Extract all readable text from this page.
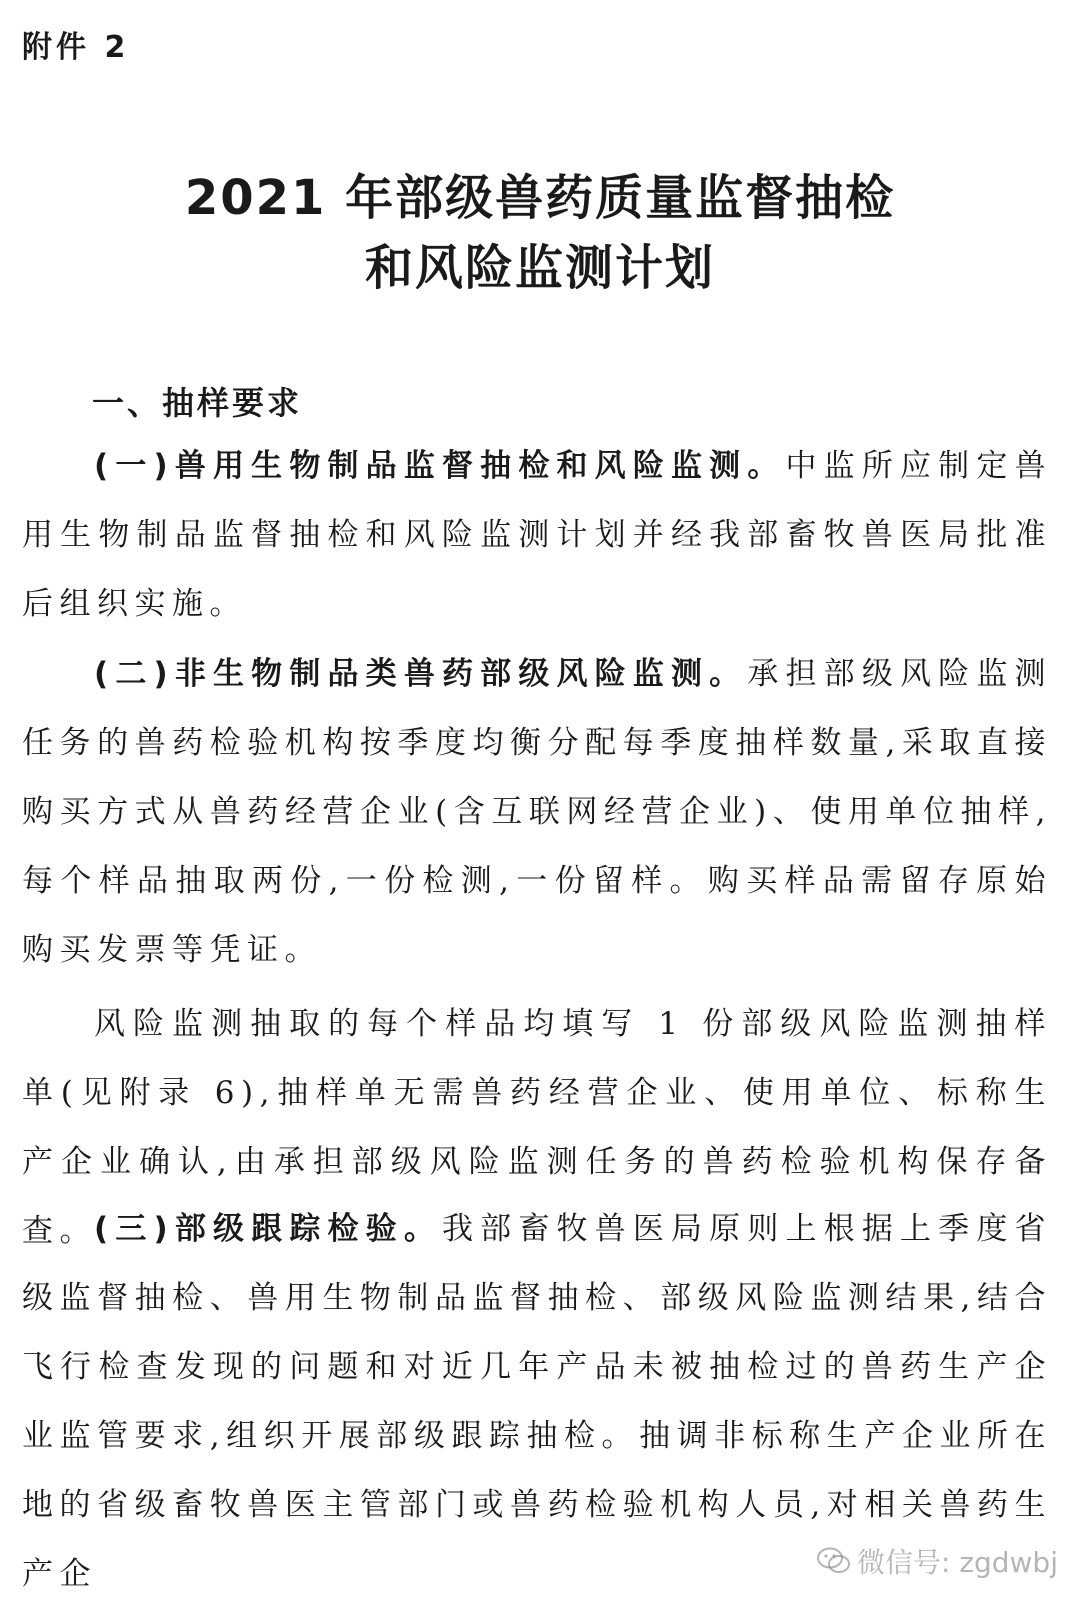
附件 2
2021 年部级兽药质量监督抽检
和风险监测计划
一、抽样要求
(一)兽用生物制品监督抽检和风险监测。中监所应制定兽用生物制品监督抽检和风险监测计划并经我部畜牧兽医局批准后组织实施。
(二)非生物制品类兽药部级风险监测。承担部级风险监测任务的兽药检验机构按季度均衡分配每季度抽样数量,采取直接购买方式从兽药经营企业(含互联网经营企业)、使用单位抽样,每个样品抽取两份,一份检测,一份留样。购买样品需留存原始购买发票等凭证。
风险监测抽取的每个样品均填写 1 份部级风险监测抽样单(见附录 6),抽样单无需兽药经营企业、使用单位、标称生产企业确认,由承担部级风险监测任务的兽药检验机构保存备查。
(三)部级跟踪检验。我部畜牧兽医局原则上根据上季度省级监督抽检、兽用生物制品监督抽检、部级风险监测结果,结合飞行检查发现的问题和对近几年产品未被抽检过的兽药生产企业监管要求,组织开展部级跟踪抽检。抽调非标称生产企业所在地的省级畜牧兽医主管部门或兽药检验机构人员,对相关兽药生产企	微信号: zgdwbj
